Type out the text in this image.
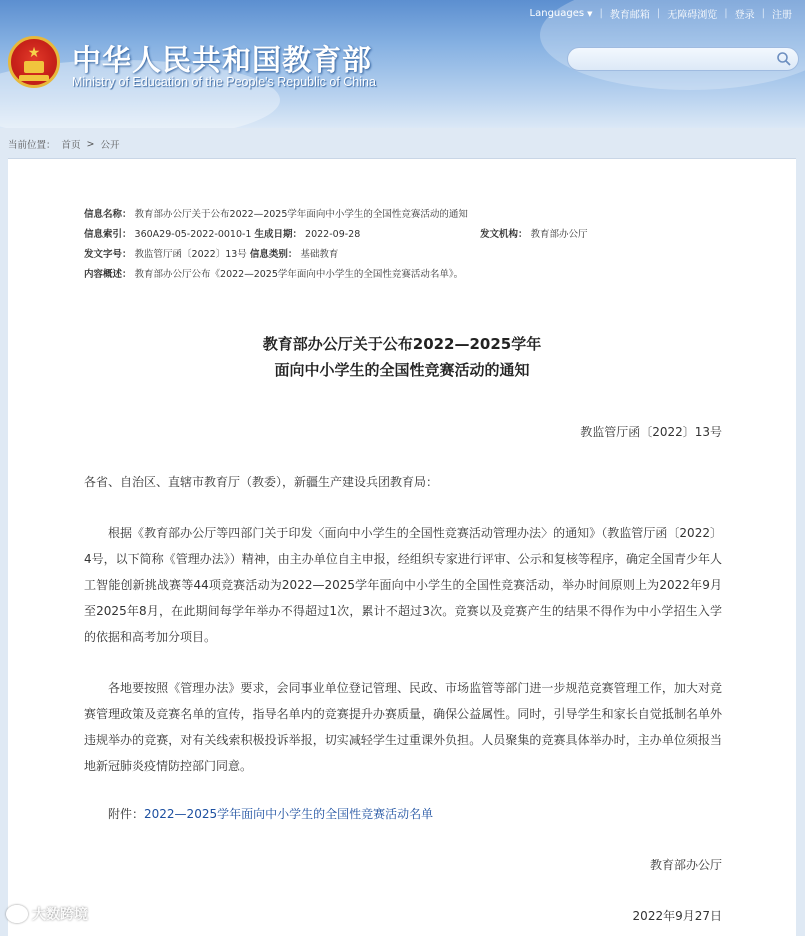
★	中华人民共和国教育部
Ministry of Education of the People's Republic of China
Languages ▼ | 教育邮箱 | 无障碍浏览 | 登录 | 注册
当前位置： 首页 > 公开
信息名称： 教育部办公厅关于公布2022—2025学年面向中小学生的全国性竞赛活动的通知
信息索引： 360A29-05-2022-0010-1 生成日期： 2022-09-28	发文机构： 教育部办公厅
发文字号： 教监管厅函〔2022〕13号 信息类别： 基础教育
内容概述： 教育部办公厅公布《2022—2025学年面向中小学生的全国性竞赛活动名单》。
教育部办公厅关于公布2022—2025学年
面向中小学生的全国性竞赛活动的通知
教监管厅函〔2022〕13号
各省、自治区、直辖市教育厅（教委），新疆生产建设兵团教育局：
根据《教育部办公厅等四部门关于印发〈面向中小学生的全国性竞赛活动管理办法〉的通知》（教监管厅函〔2022〕4号，以下简称《管理办法》）精神，由主办单位自主申报，经组织专家进行评审、公示和复核等程序，确定全国青少年人工智能创新挑战赛等44项竞赛活动为2022—2025学年面向中小学生的全国性竞赛活动，举办时间原则上为2022年9月至2025年8月，在此期间每学年举办不得超过1次，累计不超过3次。竞赛以及竞赛产生的结果不得作为中小学招生入学的依据和高考加分项目。
各地要按照《管理办法》要求，会同事业单位登记管理、民政、市场监管等部门进一步规范竞赛管理工作，加大对竞赛管理政策及竞赛名单的宣传，指导名单内的竞赛提升办赛质量，确保公益属性。同时，引导学生和家长自觉抵制名单外违规举办的竞赛，对有关线索积极投诉举报，切实减轻学生过重课外负担。人员聚集的竞赛具体举办时，主办单位须报当地新冠肺炎疫情防控部门同意。
附件：2022—2025学年面向中小学生的全国性竞赛活动名单
教育部办公厅
2022年9月27日
大数跨境
